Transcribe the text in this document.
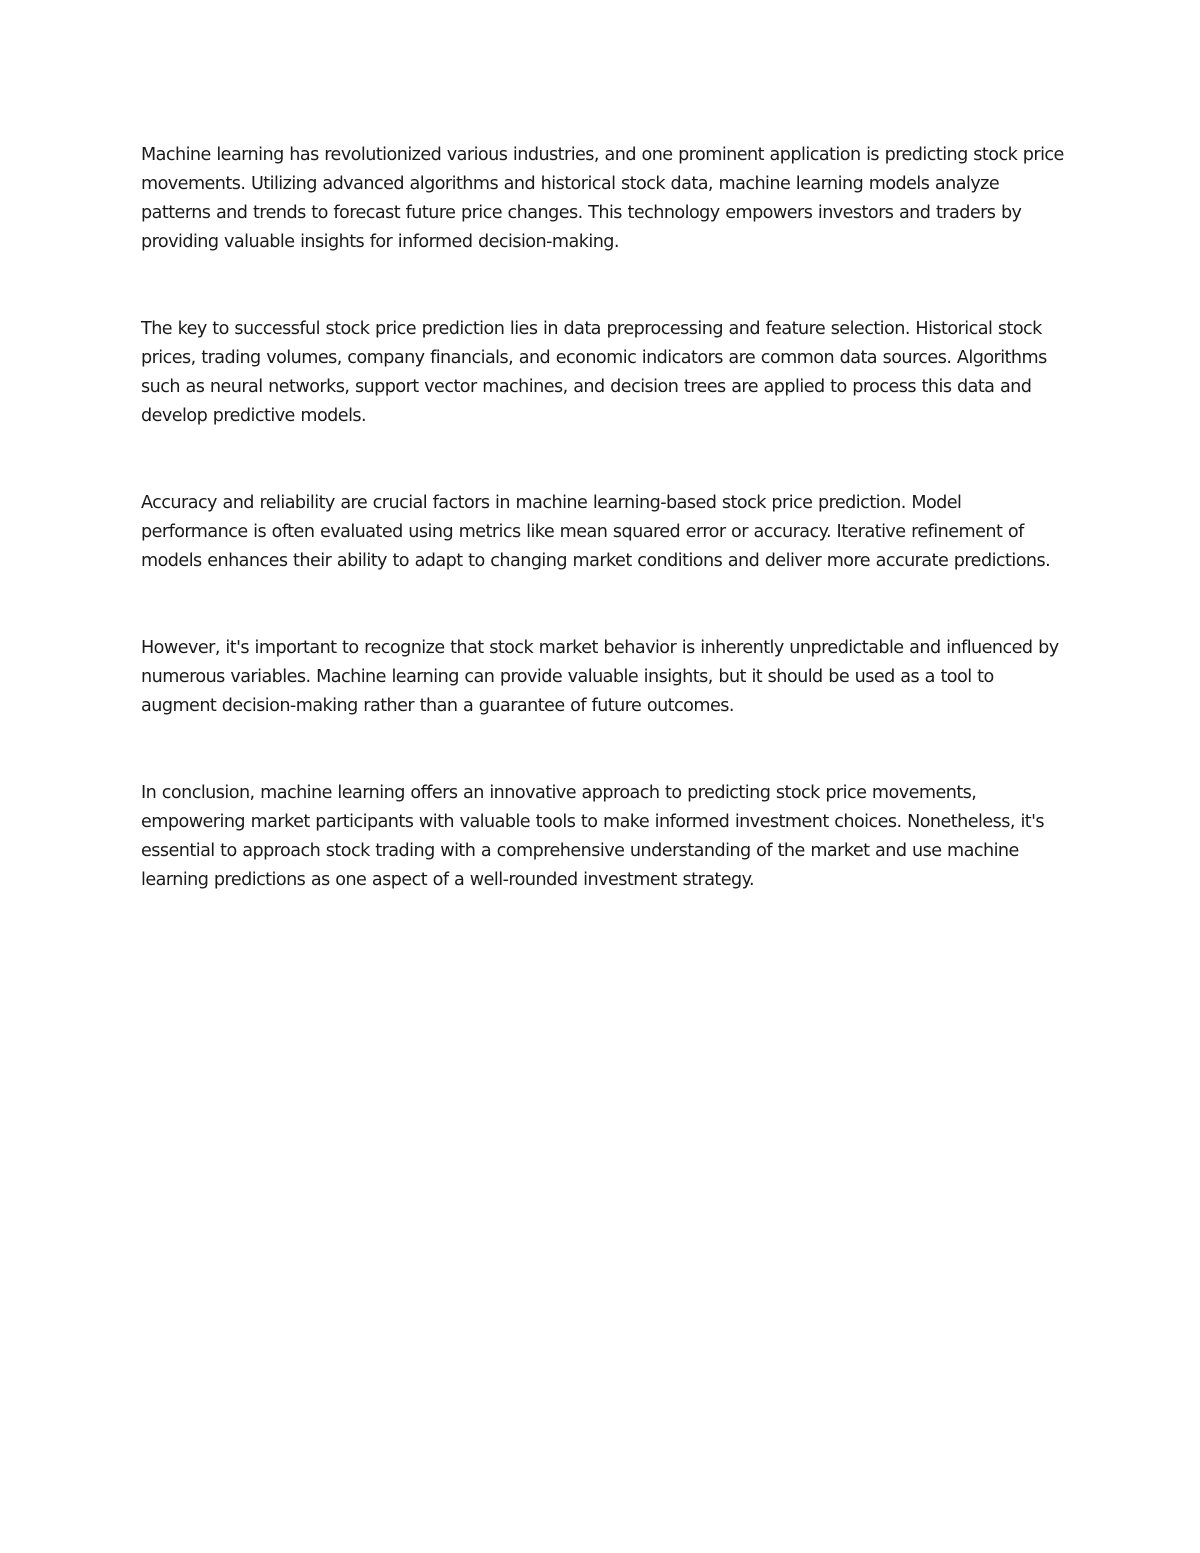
Machine learning has revolutionized various industries, and one prominent application is predicting stock price movements. Utilizing advanced algorithms and historical stock data, machine learning models analyze patterns and trends to forecast future price changes. This technology empowers investors and traders by providing valuable insights for informed decision-making.

The key to successful stock price prediction lies in data preprocessing and feature selection. Historical stock prices, trading volumes, company financials, and economic indicators are common data sources. Algorithms such as neural networks, support vector machines, and decision trees are applied to process this data and develop predictive models.

Accuracy and reliability are crucial factors in machine learning-based stock price prediction. Model performance is often evaluated using metrics like mean squared error or accuracy. Iterative refinement of models enhances their ability to adapt to changing market conditions and deliver more accurate predictions.

However, it's important to recognize that stock market behavior is inherently unpredictable and influenced by numerous variables. Machine learning can provide valuable insights, but it should be used as a tool to augment decision-making rather than a guarantee of future outcomes.

In conclusion, machine learning offers an innovative approach to predicting stock price movements, empowering market participants with valuable tools to make informed investment choices. Nonetheless, it's essential to approach stock trading with a comprehensive understanding of the market and use machine learning predictions as one aspect of a well-rounded investment strategy.
